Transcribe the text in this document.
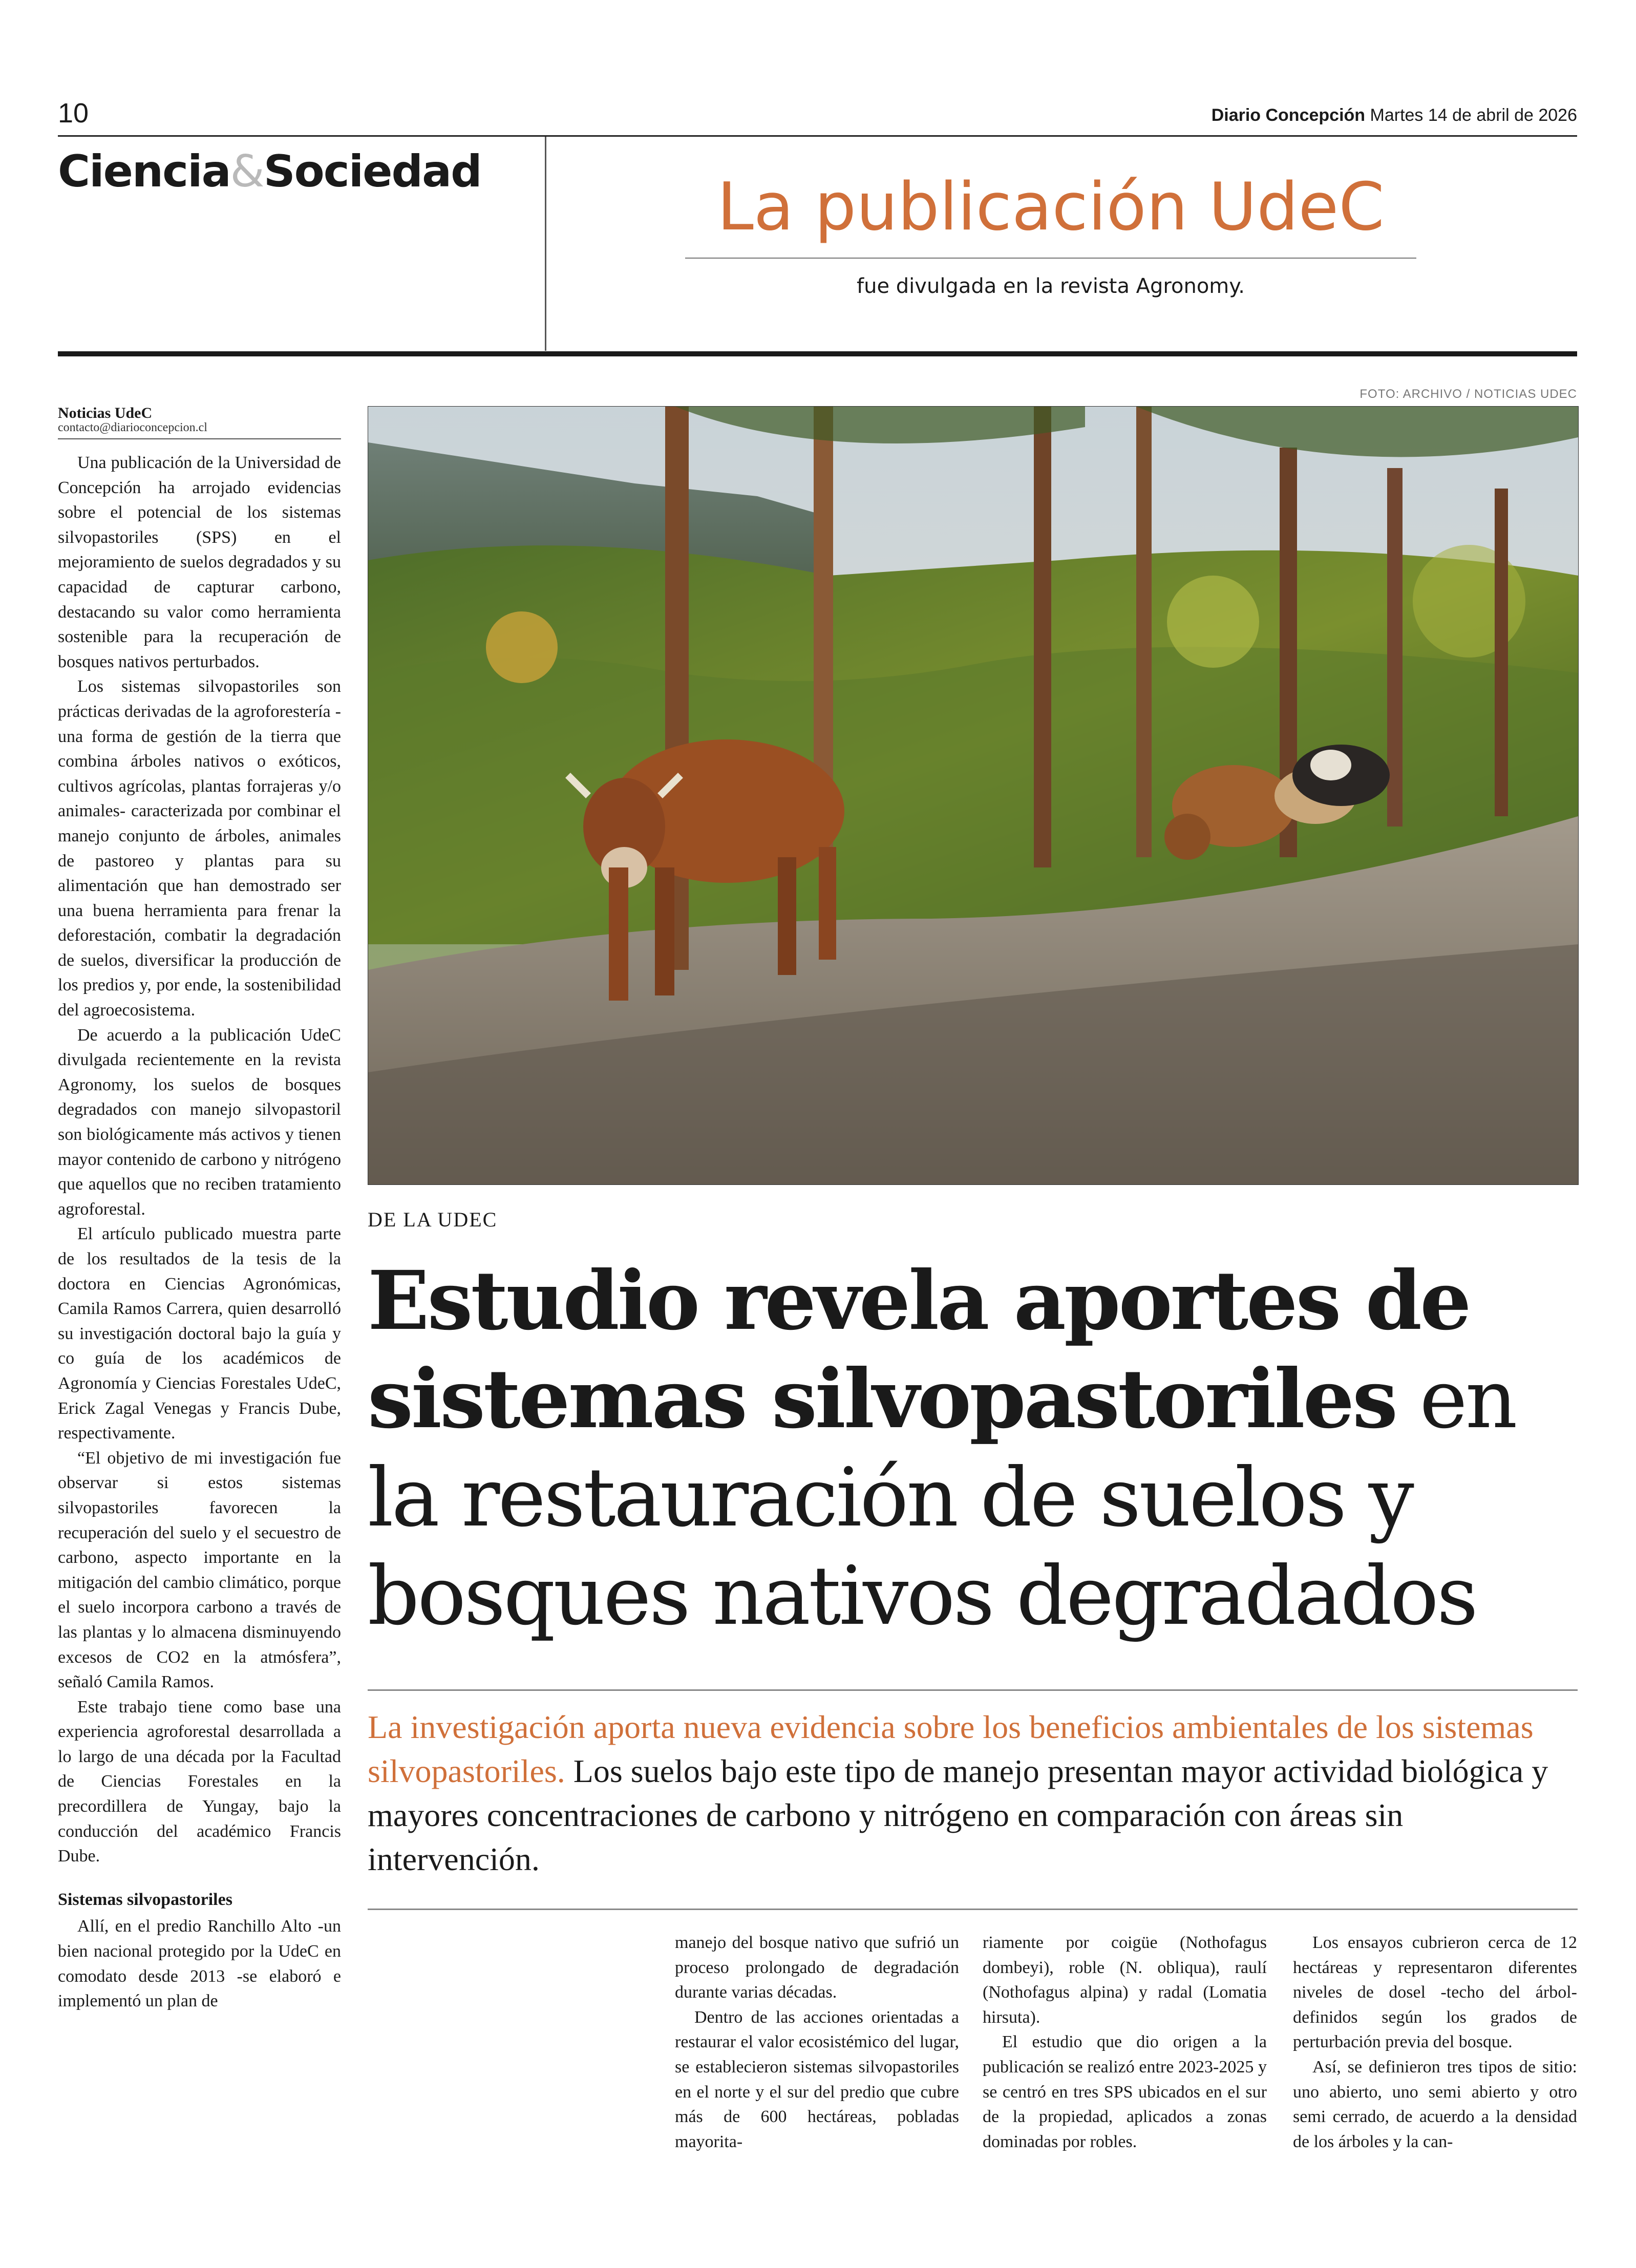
10	Diario Concepción Martes 14 de abril de 2026
Ciencia&Sociedad	La publicación UdeC
fue divulgada en la revista Agronomy.
FOTO: ARCHIVO / NOTICIAS UDEC
Noticias UdeC
contacto@diarioconcepcion.cl

Una publicación de la Universidad de Concepción ha arrojado evidencias sobre el potencial de los sistemas silvopastoriles (SPS) en el mejoramiento de suelos degradados y su capacidad de capturar carbono, destacando su valor como herramienta sostenible para la recuperación de bosques nativos perturbados.

Los sistemas silvopastoriles son prácticas derivadas de la agroforestería -una forma de gestión de la tierra que combina árboles nativos o exóticos, cultivos agrícolas, plantas forrajeras y/o animales- caracterizada por combinar el manejo conjunto de árboles, animales de pastoreo y plantas para su alimentación que han demostrado ser una buena herramienta para frenar la deforestación, combatir la degradación de suelos, diversificar la producción de los predios y, por ende, la sostenibilidad del agroecosistema.

De acuerdo a la publicación UdeC divulgada recientemente en la revista Agronomy, los suelos de bosques degradados con manejo silvopastoril son biológicamente más activos y tienen mayor contenido de carbono y nitrógeno que aquellos que no reciben tratamiento agroforestal.

El artículo publicado muestra parte de los resultados de la tesis de la doctora en Ciencias Agronómicas, Camila Ramos Carrera, quien desarrolló su investigación doctoral bajo la guía y co guía de los académicos de Agronomía y Ciencias Forestales UdeC, Erick Zagal Venegas y Francis Dube, respectivamente.

“El objetivo de mi investigación fue observar si estos sistemas silvopastoriles favorecen la recuperación del suelo y el secuestro de carbono, aspecto importante en la mitigación del cambio climático, porque el suelo incorpora carbono a través de las plantas y lo almacena disminuyendo excesos de CO2 en la atmósfera”, señaló Camila Ramos.

Este trabajo tiene como base una experiencia agroforestal desarrollada a lo largo de una década por la Facultad de Ciencias Forestales en la precordillera de Yungay, bajo la conducción del académico Francis Dube.

Sistemas silvopastoriles

Allí, en el predio Ranchillo Alto -un bien nacional protegido por la UdeC en comodato desde 2013 -se elaboró e implementó un plan de

DE LA UDEC
Estudio revela aportes de
sistemas silvopastoriles en
la restauración de suelos y
bosques nativos degradados
La investigación aporta nueva evidencia sobre los beneficios ambientales de los sistemas silvopastoriles. Los suelos bajo este tipo de manejo presentan mayor actividad biológica y mayores concentraciones de carbono y nitrógeno en comparación con áreas sin intervención.

manejo del bosque nativo que sufrió un proceso prolongado de degradación durante varias décadas.

Dentro de las acciones orientadas a restaurar el valor ecosistémico del lugar, se establecieron sistemas silvopastoriles en el norte y el sur del predio que cubre más de 600 hectáreas, pobladas mayorita-

riamente por coigüe (Nothofagus dombeyi), roble (N. obliqua), raulí (Nothofagus alpina) y radal (Lomatia hirsuta).

El estudio que dio origen a la publicación se realizó entre 2023-2025 y se centró en tres SPS ubicados en el sur de la propiedad, aplicados a zonas dominadas por robles.

Los ensayos cubrieron cerca de 12 hectáreas y representaron diferentes niveles de dosel -techo del árbol- definidos según los grados de perturbación previa del bosque.

Así, se definieron tres tipos de sitio: uno abierto, uno semi abierto y otro semi cerrado, de acuerdo a la densidad de los árboles y la can-
